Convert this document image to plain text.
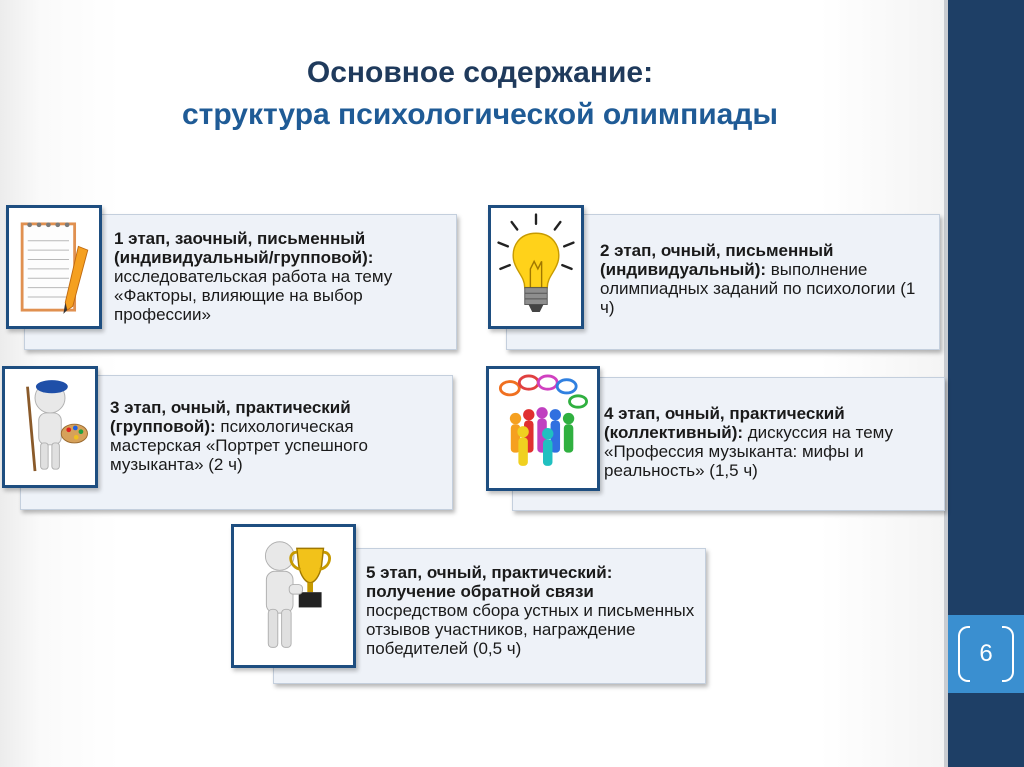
6
Основное содержание:
структура психологической олимпиады
1 этап, заочный, письменный (индивидуальный/групповой): исследовательская работа на тему «Факторы, влияющие на выбор профессии»
2 этап, очный, письменный (индивидуальный): выполнение олимпиадных заданий по психологии (1 ч)
3 этап, очный, практический (групповой): психологическая мастерская «Портрет успешного музыканта» (2 ч)
4 этап, очный, практический (коллективный): дискуссия на тему «Профессия музыканта: мифы и реальность» (1,5 ч)
5 этап, очный, практический: получение обратной связи посредством сбора устных и письменных отзывов участников, награждение победителей (0,5 ч)
